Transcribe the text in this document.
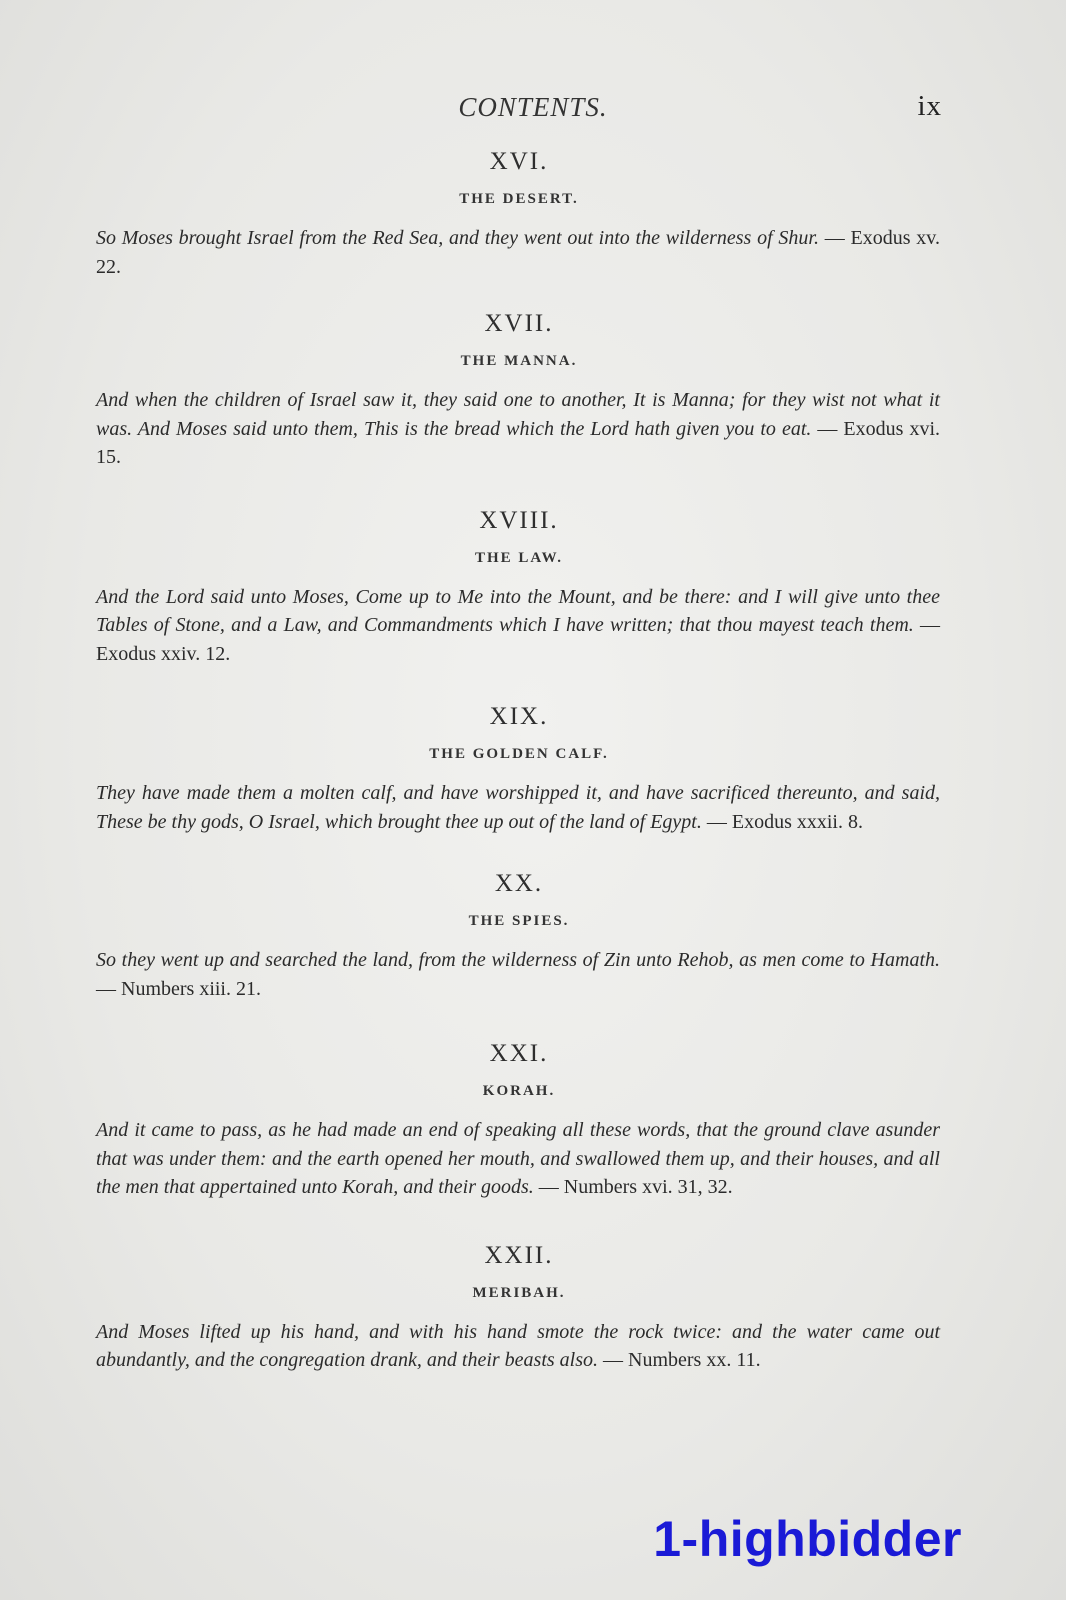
CONTENTS.	ix
XVI.
THE DESERT.

So Moses brought Israel from the Red Sea, and they went out into the wilderness of Shur. — Exodus xv. 22.

XVII.
THE MANNA.

And when the children of Israel saw it, they said one to another, It is Manna; for they wist not what it was. And Moses said unto them, This is the bread which the Lord hath given you to eat. — Exodus xvi. 15.

XVIII.
THE LAW.

And the Lord said unto Moses, Come up to Me into the Mount, and be there: and I will give unto thee Tables of Stone, and a Law, and Commandments which I have written; that thou mayest teach them. — Exodus xxiv. 12.

XIX.
THE GOLDEN CALF.

They have made them a molten calf, and have worshipped it, and have sacrificed thereunto, and said, These be thy gods, O Israel, which brought thee up out of the land of Egypt. — Exodus xxxii. 8.

XX.
THE SPIES.

So they went up and searched the land, from the wilderness of Zin unto Rehob, as men come to Hamath. — Numbers xiii. 21.

XXI.
KORAH.

And it came to pass, as he had made an end of speaking all these words, that the ground clave asunder that was under them: and the earth opened her mouth, and swallowed them up, and their houses, and all the men that appertained unto Korah, and their goods. — Numbers xvi. 31, 32.

XXII.
MERIBAH.

And Moses lifted up his hand, and with his hand smote the rock twice: and the water came out abundantly, and the congregation drank, and their beasts also. — Numbers xx. 11.

1-highbidder
